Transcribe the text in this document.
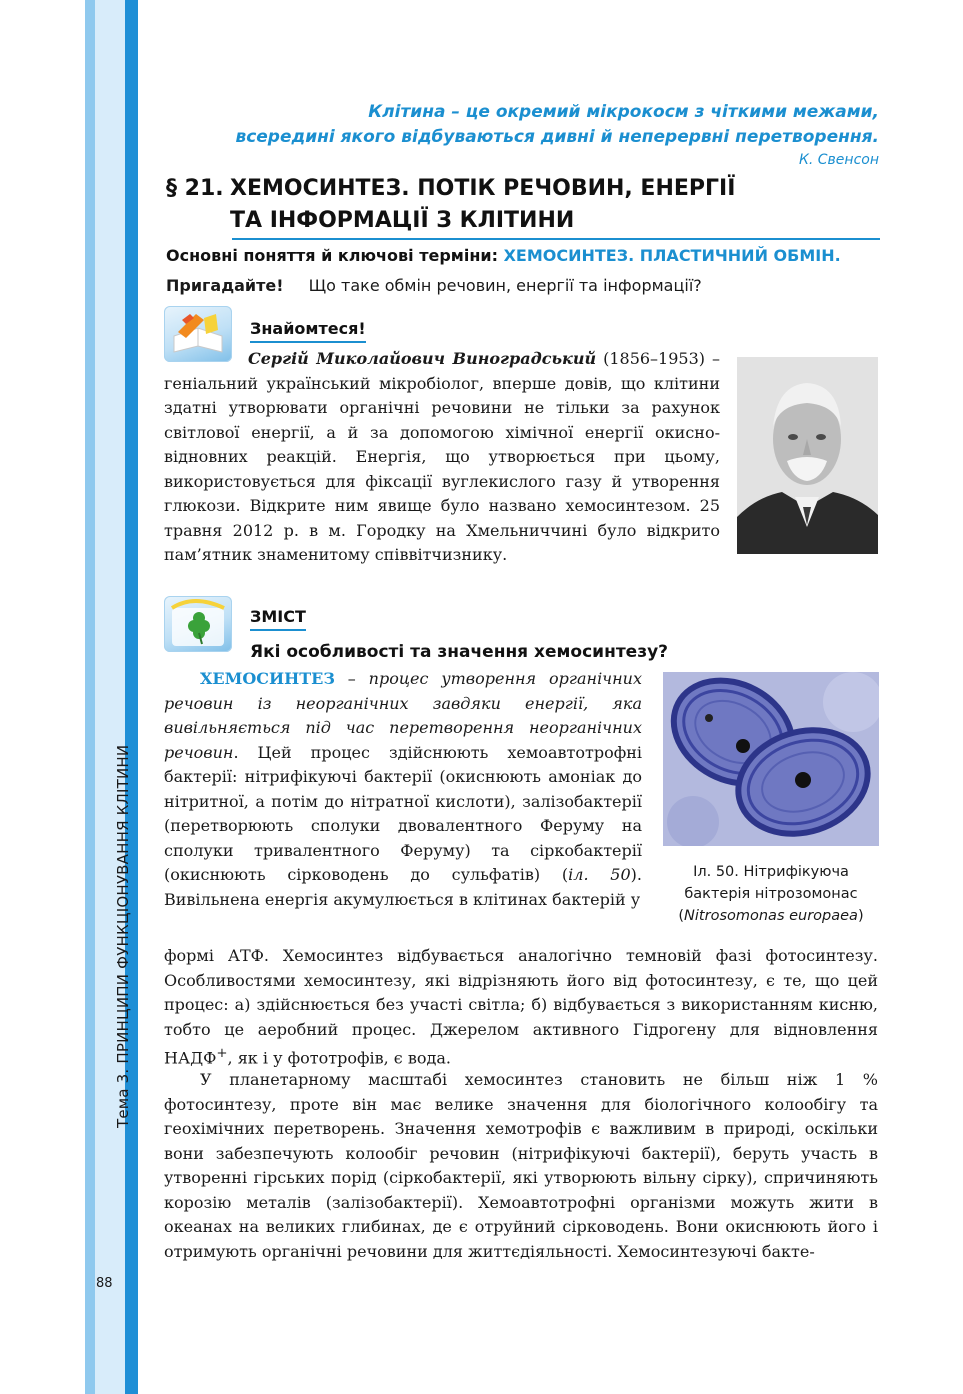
Тема 3. ПРИНЦИПИ ФУНКЦІОНУВАННЯ КЛІТИНИ
88
Клітина – це окремий мікрокосм з чіткими межами,
всередині якого відбуваються дивні й неперервні перетворення.
К. Свенсон
§ 21. ХЕМОСИНТЕЗ. ПОТІК РЕЧОВИН, ЕНЕРГІЇ
ТА ІНФОРМАЦІЇ З КЛІТИНИ
Основні поняття й ключові терміни: ХЕМОСИНТЕЗ. ПЛАСТИЧНИЙ ОБМІН.
Пригадайте! Що таке обмін речовин, енергії та інформації?
Знайомтеся!
Сергій Миколайович Виноградський (1856–1953) – геніальний український мікробіолог, вперше довів, що клітини здатні утворювати органічні речовини не тільки за рахунок світлової енергії, а й за допомогою хімічної енергії окисно-відновних реакцій. Енергія, що утворюється при цьому, використовується для фіксації вуглекислого газу й утворення глюкози. Відкрите ним явище було названо хемосинтезом. 25 травня 2012 р. в м. Городку на Хмельниччині було відкрито пам’ятник знаменитому співвітчизнику.
ЗМІСТ
Які особливості та значення хемосинтезу?
ХЕМОСИНТЕЗ – процес утворення органічних речовин із неорганічних завдяки енергії, яка вивільняється під час перетворення неорганічних речовин. Цей процес здійснюють хемоавтотрофні бактерії: нітрифікуючі бактерії (окиснюють амоніак до нітритної, а потім до нітратної кислоти), залізобактерії (перетворюють сполуки двовалентного Феруму на сполуки тривалентного Феруму) та сіркобактерії (окиснюють сірководень до сульфатів) (іл. 50). Вивільнена енергія акумулюється в клітинах бактерій у
Іл. 50. Нітрифікуюча
бактерія нітрозомонас
(Nitrosomonas europaea)
формі АТФ. Хемосинтез відбувається аналогічно темновій фазі фотосинтезу. Особливостями хемосинтезу, які відрізняють його від фотосинтезу, є те, що цей процес: а) здійснюється без участі світла; б) відбувається з використанням кисню, тобто це аеробний процес. Джерелом активного Гідрогену для відновлення НАДФ+, як і у фототрофів, є вода.
У планетарному масштабі хемосинтез становить не більш ніж 1 % фотосинтезу, проте він має велике значення для біологічного колообігу та геохімічних перетворень. Значення хемотрофів є важливим в природі, оскільки вони забезпечують колообіг речовин (нітрифікуючі бактерії), беруть участь в утворенні гірських порід (сіркобактерії, які утворюють вільну сірку), спричиняють корозію металів (залізобактерії). Хемоавтотрофні організми можуть жити в океанах на великих глибинах, де є отруйний сірководень. Вони окиснюють його і отримують органічні речовини для життєдіяльності. Хемосинтезуючі бакте-
